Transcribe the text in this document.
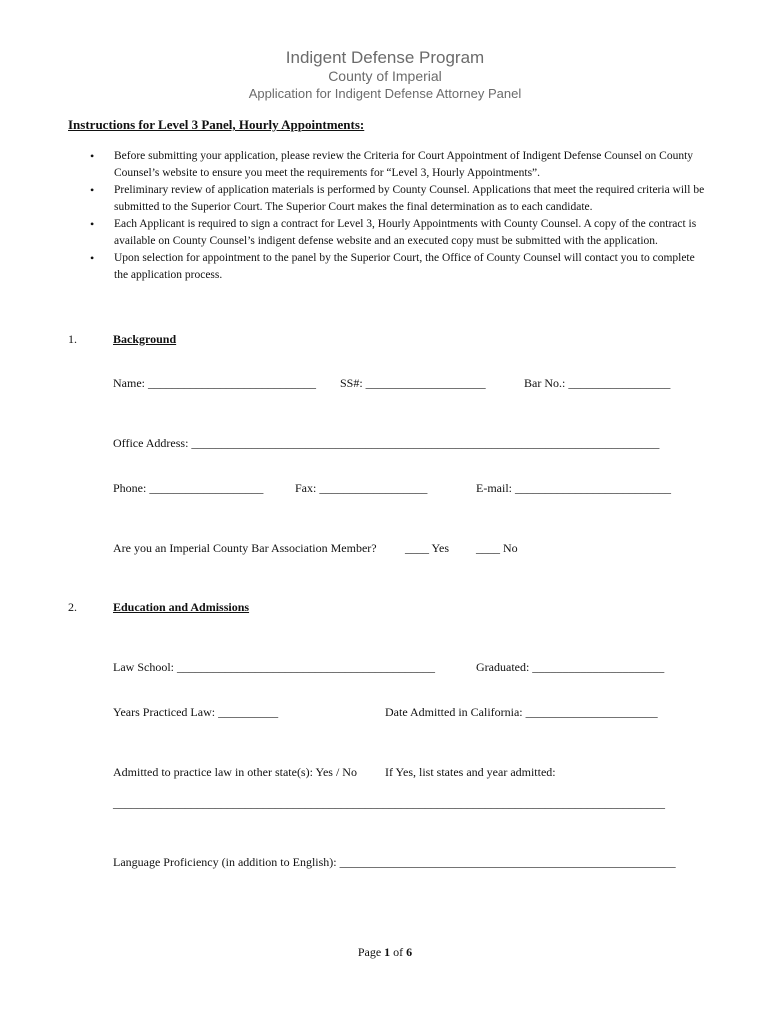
Indigent Defense Program
County of Imperial
Application for Indigent Defense Attorney Panel
Instructions for Level 3 Panel, Hourly Appointments:

• Before submitting your application, please review the Criteria for Court Appointment of Indigent Defense Counsel on County Counsel’s website to ensure you meet the requirements for “Level 3, Hourly Appointments”.

• Preliminary review of application materials is performed by County Counsel. Applications that meet the required criteria will be submitted to the Superior Court. The Superior Court makes the final determination as to each candidate.

• Each Applicant is required to sign a contract for Level 3, Hourly Appointments with County Counsel. A copy of the contract is available on County Counsel’s indigent defense website and an executed copy must be submitted with the application.

• Upon selection for appointment to the panel by the Superior Court, the Office of County Counsel will contact you to complete the application process.

1.	Background
Name: ____________________________ SS#: ____________________	Bar No.: _________________
Office Address: ______________________________________________________________________________
Phone: ___________________	Fax: __________________	E-mail: __________________________
Are you an Imperial County Bar Association Member? ____ Yes ____ No
2.	Education and Admissions
Law School: ___________________________________________	Graduated: ______________________
Years Practiced Law: __________	Date Admitted in California: ______________________
Admitted to practice law in other state(s): Yes / No If Yes, list states and year admitted:
____________________________________________________________________________________________
Language Proficiency (in addition to English): ________________________________________________________
Page 1 of 6
